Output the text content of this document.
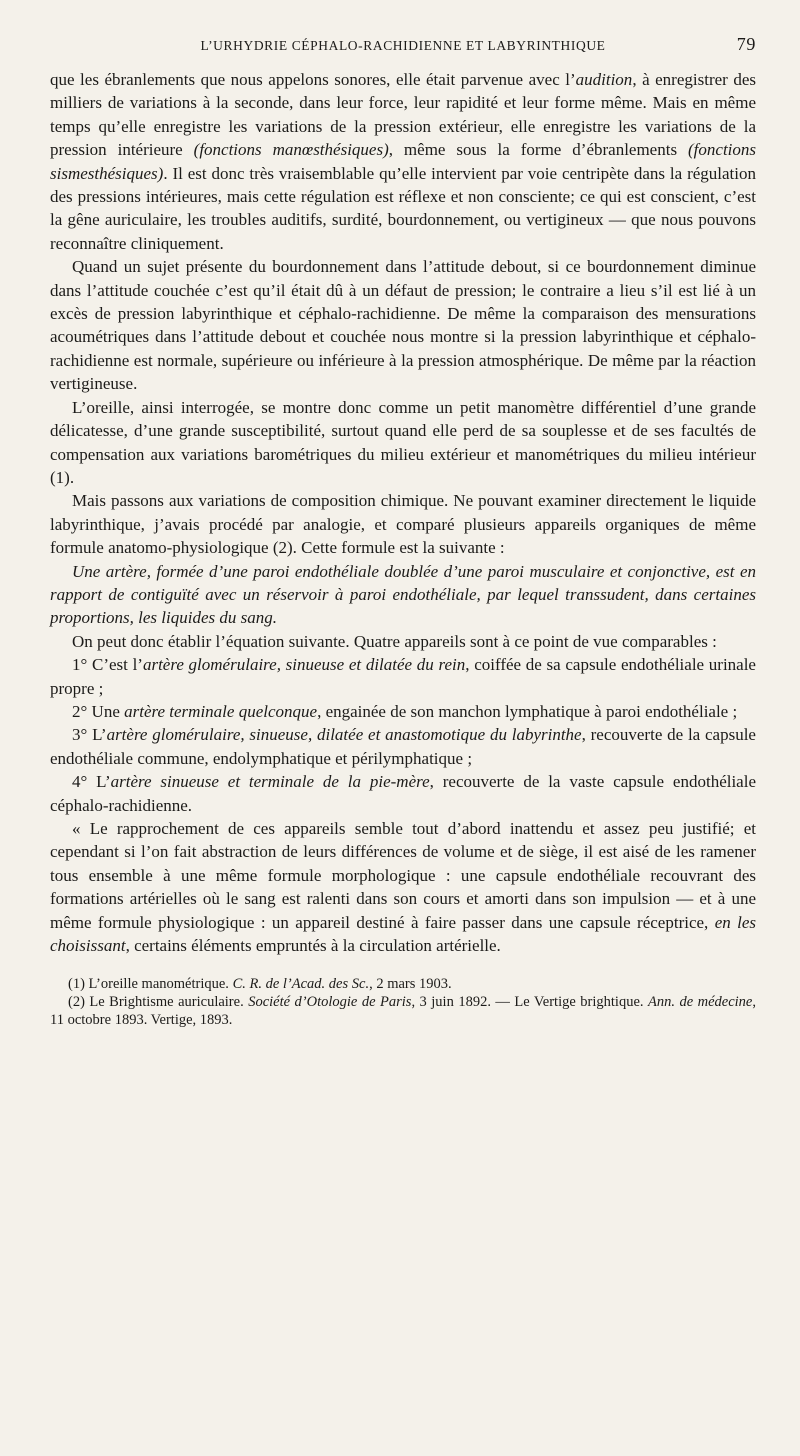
L’URHYDRIE CÉPHALO-RACHIDIENNE ET LABYRINTHIQUE	79

que les ébranlements que nous appelons sonores, elle était parvenue avec l’audition, à enregistrer des milliers de variations à la seconde, dans leur force, leur rapidité et leur forme même. Mais en même temps qu’elle enregistre les variations de la pression extérieur, elle enregistre les variations de la pression intérieure (fonctions manœsthésiques), même sous la forme d’ébranlements (fonctions sismesthésiques). Il est donc très vraisemblable qu’elle intervient par voie centripète dans la régulation des pressions intérieures, mais cette régulation est réflexe et non consciente; ce qui est conscient, c’est la gêne auriculaire, les troubles auditifs, surdité, bourdonnement, ou vertigineux — que nous pouvons reconnaître cliniquement.

Quand un sujet présente du bourdonnement dans l’attitude debout, si ce bourdonnement diminue dans l’attitude couchée c’est qu’il était dû à un défaut de pression; le contraire a lieu s’il est lié à un excès de pression labyrinthique et céphalo-rachidienne. De même la comparaison des mensurations acoumétriques dans l’attitude debout et couchée nous montre si la pression labyrinthique et céphalo-rachidienne est normale, supérieure ou inférieure à la pression atmosphérique. De même par la réaction vertigineuse.

L’oreille, ainsi interrogée, se montre donc comme un petit manomètre différentiel d’une grande délicatesse, d’une grande susceptibilité, surtout quand elle perd de sa souplesse et de ses facultés de compensation aux variations barométriques du milieu extérieur et manométriques du milieu intérieur (1).

Mais passons aux variations de composition chimique. Ne pouvant examiner directement le liquide labyrinthique, j’avais procédé par analogie, et comparé plusieurs appareils organiques de même formule anatomo-physiologique (2). Cette formule est la suivante :

Une artère, formée d’une paroi endothéliale doublée d’une paroi musculaire et conjonctive, est en rapport de contiguïté avec un réservoir à paroi endothéliale, par lequel transsudent, dans certaines proportions, les liquides du sang.

On peut donc établir l’équation suivante. Quatre appareils sont à ce point de vue comparables :

1° C’est l’artère glomérulaire, sinueuse et dilatée du rein, coiffée de sa capsule endothéliale urinale propre ;

2° Une artère terminale quelconque, engainée de son manchon lymphatique à paroi endothéliale ;

3° L’artère glomérulaire, sinueuse, dilatée et anastomotique du labyrinthe, recouverte de la capsule endothéliale commune, endolymphatique et périlymphatique ;

4° L’artère sinueuse et terminale de la pie-mère, recouverte de la vaste capsule endothéliale céphalo-rachidienne.

« Le rapprochement de ces appareils semble tout d’abord inattendu et assez peu justifié; et cependant si l’on fait abstraction de leurs différences de volume et de siège, il est aisé de les ramener tous ensemble à une même formule morphologique : une capsule endothéliale recouvrant des formations artérielles où le sang est ralenti dans son cours et amorti dans son impulsion — et à une même formule physiologique : un appareil destiné à faire passer dans une capsule réceptrice, en les choisissant, certains éléments empruntés à la circulation artérielle.

(1) L’oreille manométrique. C. R. de l’Acad. des Sc., 2 mars 1903.

(2) Le Brightisme auriculaire. Société d’Otologie de Paris, 3 juin 1892. — Le Vertige brightique. Ann. de médecine, 11 octobre 1893. Vertige, 1893.
